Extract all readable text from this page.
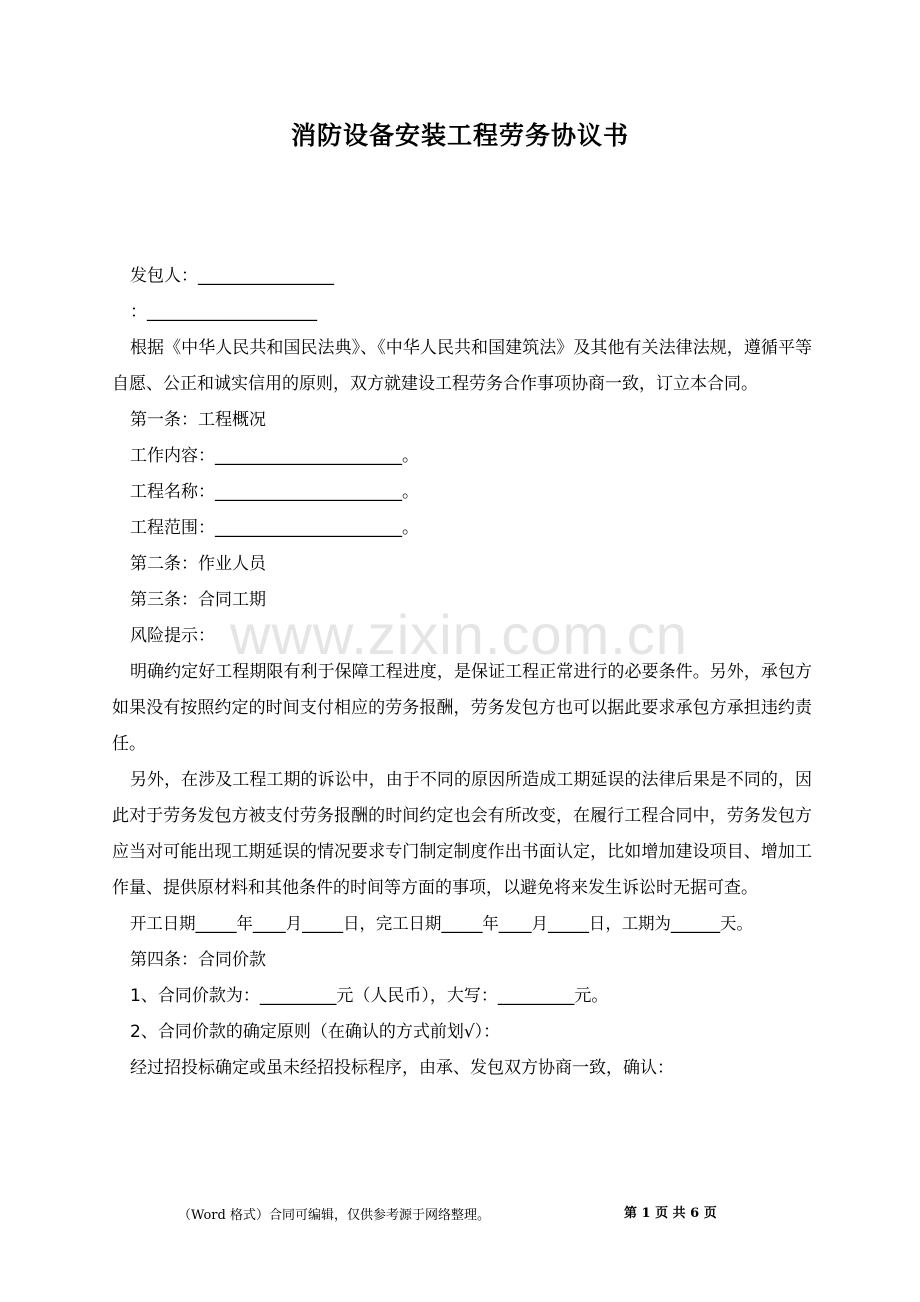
消防设备安装工程劳务协议书
发包人：________________
：____________________
根据《中华人民共和国民法典》、《中华人民共和国建筑法》及其他有关法律法规，遵循平等自愿、公正和诚实信用的原则，双方就建设工程劳务合作事项协商一致，订立本合同。
第一条：工程概况
工作内容：______________________。
工程名称：______________________。
工程范围：______________________。
第二条：作业人员
第三条：合同工期
风险提示：
明确约定好工程期限有利于保障工程进度，是保证工程正常进行的必要条件。另外，承包方如果没有按照约定的时间支付相应的劳务报酬，劳务发包方也可以据此要求承包方承担违约责任。
另外，在涉及工程工期的诉讼中，由于不同的原因所造成工期延误的法律后果是不同的，因此对于劳务发包方被支付劳务报酬的时间约定也会有所改变，在履行工程合同中，劳务发包方应当对可能出现工期延误的情况要求专门制定制度作出书面认定，比如增加建设项目、增加工作量、提供原材料和其他条件的时间等方面的事项，以避免将来发生诉讼时无据可查。
开工日期_____年____月_____日，完工日期_____年____月_____日，工期为______天。
第四条：合同价款
1、合同价款为：_________元（人民币），大写：_________元。
2、合同价款的确定原则（在确认的方式前划√）：
经过招投标确定或虽未经招投标程序，由承、发包双方协商一致，确认：
www.zixin.com.cn
（Word 格式）合同可编辑，仅供参考源于网络整理。	第 1 页 共 6 页
